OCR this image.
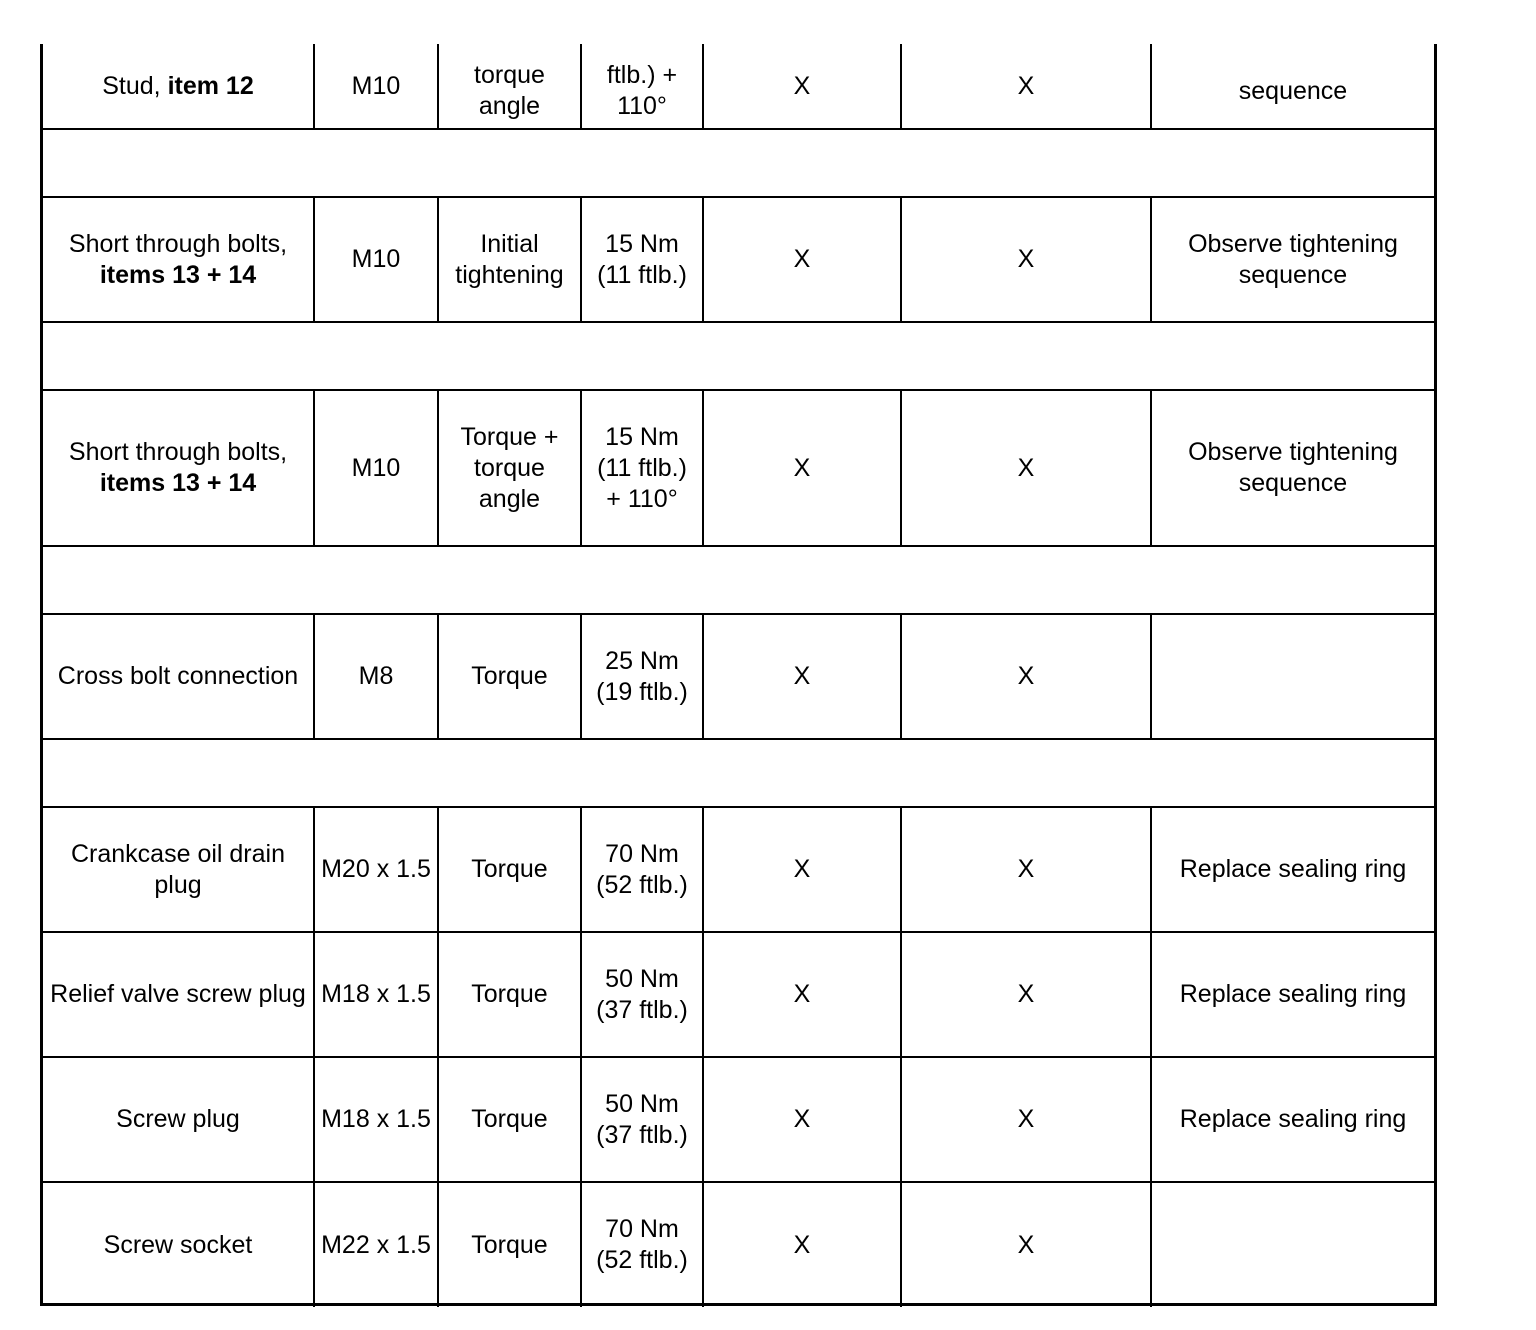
Stud, item 12	M10	torque angle	ftlb.) + 110°	X	X	sequence

Short through bolts,
items 13 + 14	M10	Initial tightening	15 Nm (11 ftlb.)	X	X	Observe tightening sequence

Short through bolts,
items 13 + 14	M10	Torque + torque angle	15 Nm (11 ftlb.) + 110°	X	X	Observe tightening sequence

Cross bolt connection	M8	Torque	25 Nm (19 ftlb.)	X	X	

Crankcase oil drain plug	M20 x 1.5	Torque	70 Nm (52 ftlb.)	X	X	Replace sealing ring
Relief valve screw plug	M18 x 1.5	Torque	50 Nm (37 ftlb.)	X	X	Replace sealing ring
Screw plug	M18 x 1.5	Torque	50 Nm (37 ftlb.)	X	X	Replace sealing ring
Screw socket	M22 x 1.5	Torque	70 Nm (52 ftlb.)	X	X	
